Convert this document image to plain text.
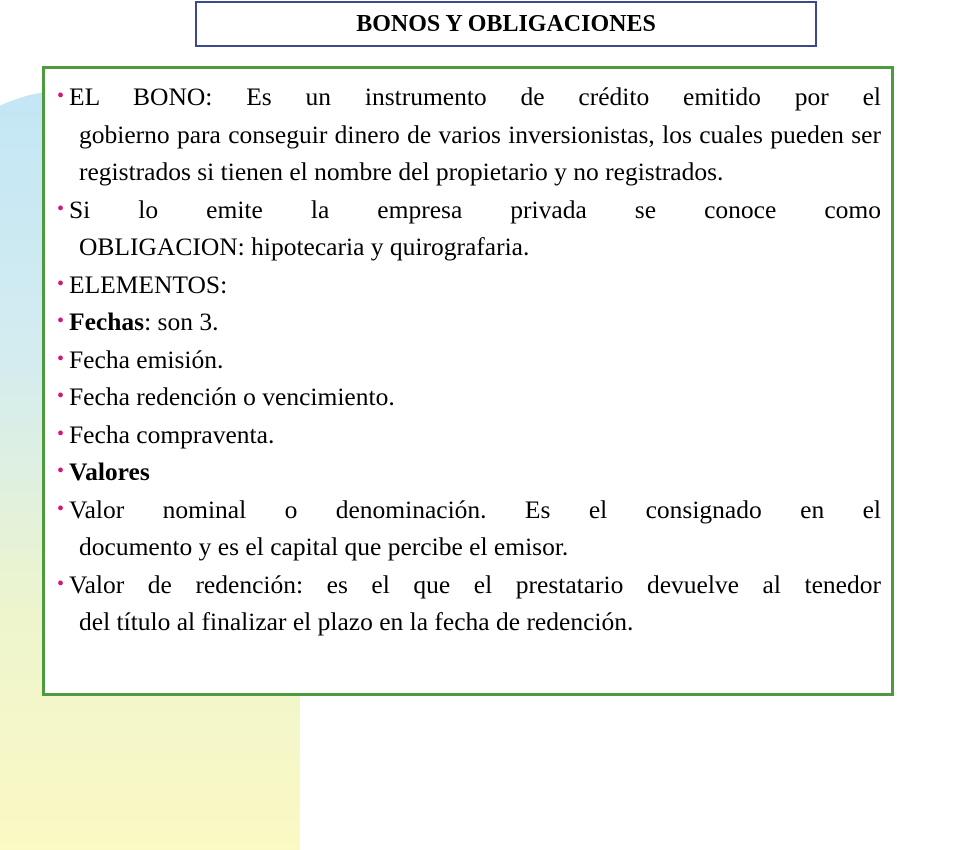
BONOS Y OBLIGACIONES
• EL BONO: Es un instrumento de crédito emitido por el
gobierno para conseguir dinero de varios inversionistas, los cuales pueden ser registrados si tienen el nombre del propietario y no registrados.
• Si lo emite la empresa privada se conoce como
OBLIGACION: hipotecaria y quirografaria.
• ELEMENTOS:
• Fechas: son 3.
• Fecha emisión.
• Fecha redención o vencimiento.
• Fecha compraventa.
• Valores
• Valor nominal o denominación. Es el consignado en el
documento y es el capital que percibe el emisor.
• Valor de redención: es el que el prestatario devuelve al tenedor
del título al finalizar el plazo en la fecha de redención.
